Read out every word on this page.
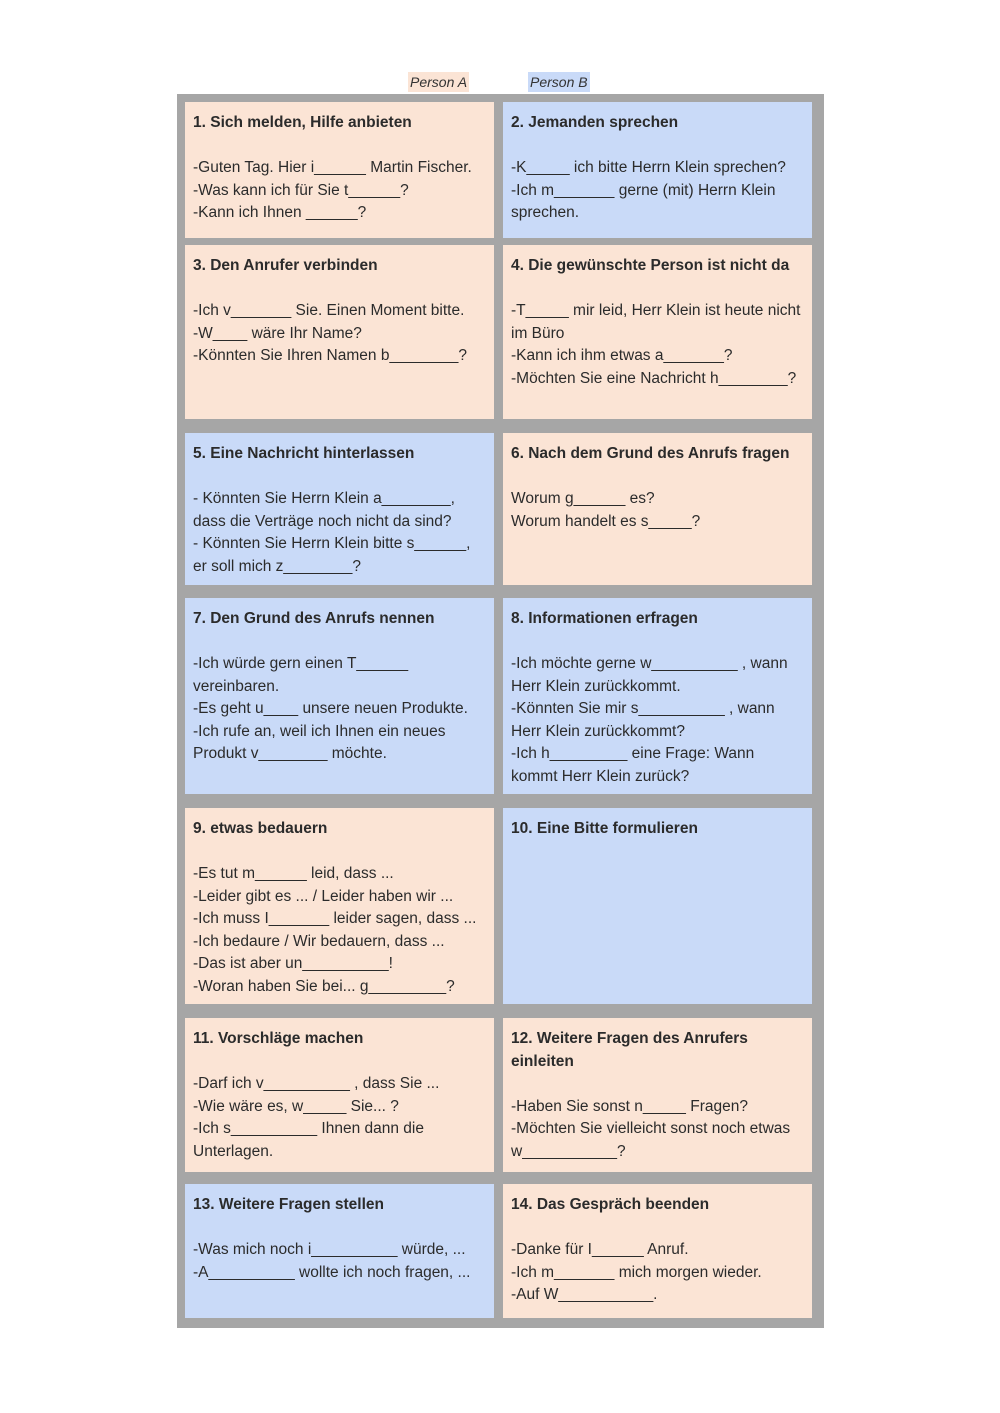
Person A	Person B
1. Sich melden, Hilfe anbieten
-Guten Tag. Hier i______ Martin Fischer.
-Was kann ich für Sie t______?
-Kann ich Ihnen ______?
2. Jemanden sprechen
-K_____ ich bitte Herrn Klein sprechen?
-Ich m_______ gerne (mit) Herrn Klein sprechen.
3. Den Anrufer verbinden
-Ich v_______ Sie. Einen Moment bitte.
-W____ wäre Ihr Name?
-Könnten Sie Ihren Namen b________?
4. Die gewünschte Person ist nicht da
-T_____ mir leid, Herr Klein ist heute nicht im Büro
-Kann ich ihm etwas a_______?
-Möchten Sie eine Nachricht h________?
5. Eine Nachricht hinterlassen
- Könnten Sie Herrn Klein a________, dass die Verträge noch nicht da sind?
- Könnten Sie Herrn Klein bitte s______, er soll mich z________?
6. Nach dem Grund des Anrufs fragen
Worum g______ es?
Worum handelt es s_____?
7. Den Grund des Anrufs nennen
-Ich würde gern einen T______ vereinbaren.
-Es geht u____ unsere neuen Produkte.
-Ich rufe an, weil ich Ihnen ein neues Produkt v________ möchte.
8. Informationen erfragen
-Ich möchte gerne w__________ , wann Herr Klein zurückkommt.
-Könnten Sie mir s__________ , wann Herr Klein zurückkommt?
-Ich h_________ eine Frage: Wann kommt Herr Klein zurück?
9. etwas bedauern
-Es tut m______ leid, dass ...
-Leider gibt es ... / Leider haben wir ...
-Ich muss I_______ leider sagen, dass ...
-Ich bedaure / Wir bedauern, dass ...
-Das ist aber un__________!
-Woran haben Sie bei... g_________?
10. Eine Bitte formulieren
11. Vorschläge machen
-Darf ich v__________ , dass Sie ...
-Wie wäre es, w_____ Sie... ?
-Ich s__________ Ihnen dann die Unterlagen.
12. Weitere Fragen des Anrufers einleiten
-Haben Sie sonst n_____ Fragen?
-Möchten Sie vielleicht sonst noch etwas w___________?
13. Weitere Fragen stellen
-Was mich noch i__________ würde, ...
-A__________ wollte ich noch fragen, ...
14. Das Gespräch beenden
-Danke für I______ Anruf.
-Ich m_______ mich morgen wieder.
-Auf W___________.
